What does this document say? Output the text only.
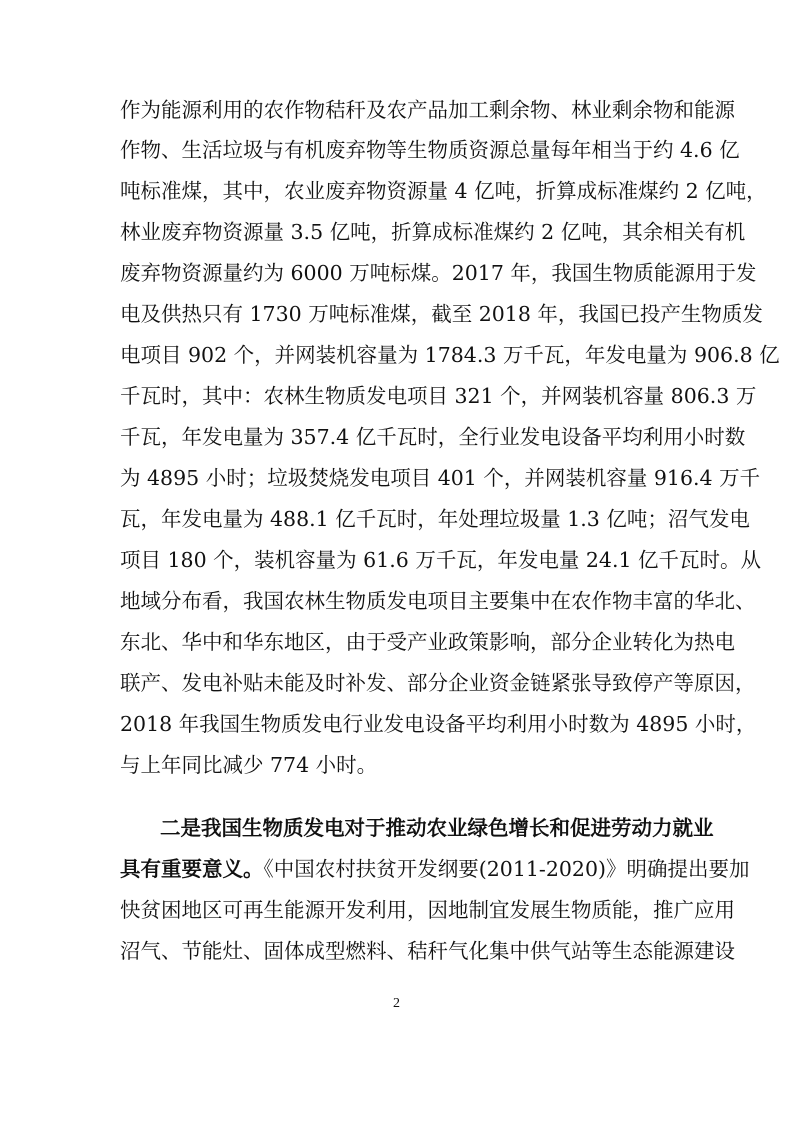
作为能源利用的农作物秸秆及农产品加工剩余物、林业剩余物和能源
作物、生活垃圾与有机废弃物等生物质资源总量每年相当于约 4.6 亿
吨标准煤，其中，农业废弃物资源量 4 亿吨，折算成标准煤约 2 亿吨，
林业废弃物资源量 3.5 亿吨，折算成标准煤约 2 亿吨，其余相关有机
废弃物资源量约为 6000 万吨标煤。2017 年，我国生物质能源用于发
电及供热只有 1730 万吨标准煤，截至 2018 年，我国已投产生物质发
电项目 902 个，并网装机容量为 1784.3 万千瓦，年发电量为 906.8 亿
千瓦时，其中：农林生物质发电项目 321 个，并网装机容量 806.3 万
千瓦，年发电量为 357.4 亿千瓦时，全行业发电设备平均利用小时数
为 4895 小时；垃圾焚烧发电项目 401 个，并网装机容量 916.4 万千
瓦，年发电量为 488.1 亿千瓦时，年处理垃圾量 1.3 亿吨；沼气发电
项目 180 个，装机容量为 61.6 万千瓦，年发电量 24.1 亿千瓦时。从
地域分布看，我国农林生物质发电项目主要集中在农作物丰富的华北、
东北、华中和华东地区，由于受产业政策影响，部分企业转化为热电
联产、发电补贴未能及时补发、部分企业资金链紧张导致停产等原因，
2018 年我国生物质发电行业发电设备平均利用小时数为 4895 小时，
与上年同比减少 774 小时。
二是我国生物质发电对于推动农业绿色增长和促进劳动力就业
具有重要意义。《中国农村扶贫开发纲要(2011-2020)》明确提出要加
快贫困地区可再生能源开发利用，因地制宜发展生物质能，推广应用
沼气、节能灶、固体成型燃料、秸秆气化集中供气站等生态能源建设
2
